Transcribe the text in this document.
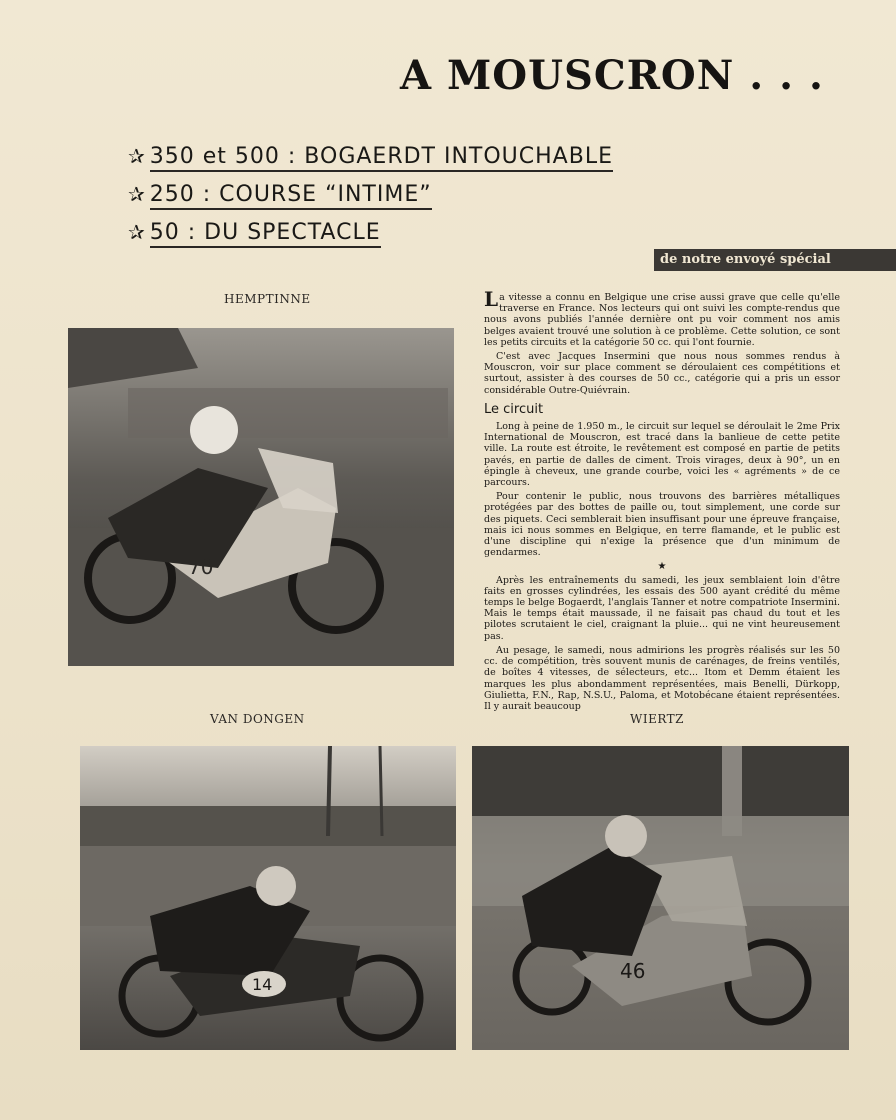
A MOUSCRON . . .
✰ 350 et 500 : BOGAERDT INTOUCHABLE
✰ 250 : COURSE “INTIME”
✰ 50 : DU SPECTACLE
de notre envoyé spécial
HEMPTINNE
70
VAN DONGEN
14
WIERTZ
46

La vitesse a connu en Belgique une crise aussi grave que celle qu'elle traverse en France. Nos lecteurs qui ont suivi les compte-rendus que nous avons publiés l'année dernière ont pu voir comment nos amis belges avaient trouvé une solution à ce problème. Cette solution, ce sont les petits circuits et la catégorie 50 cc. qui l'ont fournie.

C'est avec Jacques Insermini que nous nous sommes rendus à Mouscron, voir sur place comment se déroulaient ces compétitions et surtout, assister à des courses de 50 cc., catégorie qui a pris un essor considérable Outre-Quiévrain.

Le circuit

Long à peine de 1.950 m., le circuit sur lequel se déroulait le 2me Prix International de Mouscron, est tracé dans la banlieue de cette petite ville. La route est étroite, le revêtement est composé en partie de petits pavés, en partie de dalles de ciment. Trois virages, deux à 90°, un en épingle à cheveux, une grande courbe, voici les « agréments » de ce parcours.

Pour contenir le public, nous trouvons des barrières métalliques protégées par des bottes de paille ou, tout simplement, une corde sur des piquets. Ceci semblerait bien insuffisant pour une épreuve française, mais ici nous sommes en Belgique, en terre flamande, et le public est d'une discipline qui n'exige la présence que d'un minimum de gendarmes.

★

Après les entraînements du samedi, les jeux semblaient loin d'être faits en grosses cylindrées, les essais des 500 ayant crédité du même temps le belge Bogaerdt, l'anglais Tanner et notre compatriote Insermini. Mais le temps était maussade, il ne faisait pas chaud du tout et les pilotes scrutaient le ciel, craignant la pluie... qui ne vint heureusement pas.

Au pesage, le samedi, nous admirions les progrès réalisés sur les 50 cc. de compétition, très souvent munis de carénages, de freins ventilés, de boîtes 4 vitesses, de sélecteurs, etc... Itom et Demm étaient les marques les plus abondamment représentées, mais Benelli, Dürkopp, Giulietta, F.N., Rap, N.S.U., Paloma, et Motobécane étaient représentées. Il y aurait beaucoup
